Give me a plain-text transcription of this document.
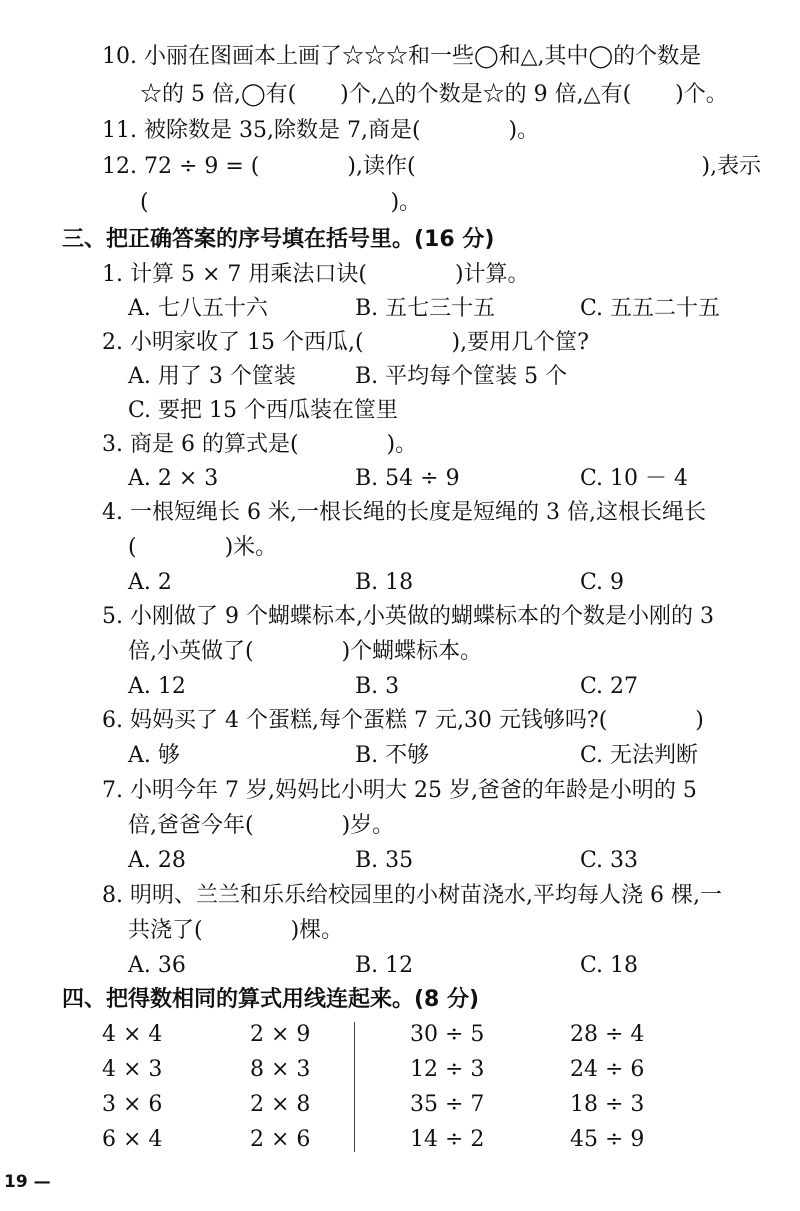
10. 小丽在图画本上画了☆☆☆和一些◯和△,其中◯的个数是
☆的 5 倍,◯有(　　)个,△的个数是☆的 9 倍,△有(　　)个。
11. 被除数是 35,除数是 7,商是(　　　　)。
12. 72 ÷ 9 = (　　　　),读作(　　　　　　　　　　　　　),表示
(　　　　　　　　　　　)。
三、把正确答案的序号填在括号里。(16 分)
1. 计算 5 × 7 用乘法口诀(　　　　)计算。
A. 七八五十六	B. 五七三十五	C. 五五二十五
2. 小明家收了 15 个西瓜,(　　　　),要用几个筐?
A. 用了 3 个筐装	B. 平均每个筐装 5 个
C. 要把 15 个西瓜装在筐里
3. 商是 6 的算式是(　　　　)。
A. 2 × 3	B. 54 ÷ 9	C. 10 － 4
4. 一根短绳长 6 米,一根长绳的长度是短绳的 3 倍,这根长绳长
(　　　　)米。
A. 2	B. 18	C. 9
5. 小刚做了 9 个蝴蝶标本,小英做的蝴蝶标本的个数是小刚的 3
倍,小英做了(　　　　)个蝴蝶标本。
A. 12	B. 3	C. 27
6. 妈妈买了 4 个蛋糕,每个蛋糕 7 元,30 元钱够吗?(　　　　)
A. 够	B. 不够	C. 无法判断
7. 小明今年 7 岁,妈妈比小明大 25 岁,爸爸的年龄是小明的 5
倍,爸爸今年(　　　　)岁。
A. 28	B. 35	C. 33
8. 明明、兰兰和乐乐给校园里的小树苗浇水,平均每人浇 6 棵,一
共浇了(　　　　)棵。
A. 36	B. 12	C. 18
四、把得数相同的算式用线连起来。(8 分)
4 × 4	2 × 9	30 ÷ 5	28 ÷ 4
4 × 3	8 × 3	12 ÷ 3	24 ÷ 6
3 × 6	2 × 8	35 ÷ 7	18 ÷ 3
6 × 4	2 × 6	14 ÷ 2	45 ÷ 9
19 —
